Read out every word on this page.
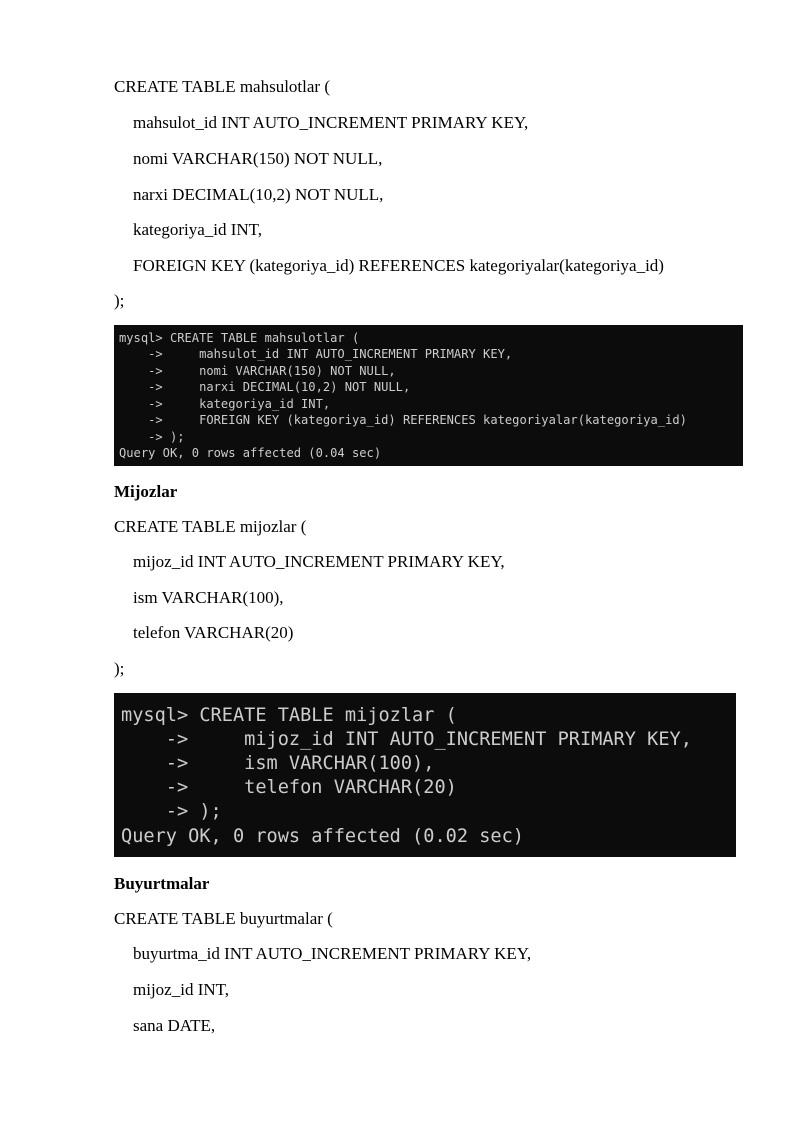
CREATE TABLE mahsulotlar (
mahsulot_id INT AUTO_INCREMENT PRIMARY KEY,
nomi VARCHAR(150) NOT NULL,
narxi DECIMAL(10,2) NOT NULL,
kategoriya_id INT,
FOREIGN KEY (kategoriya_id) REFERENCES kategoriyalar(kategoriya_id)
);
mysql> CREATE TABLE mahsulotlar (
->     mahsulot_id INT AUTO_INCREMENT PRIMARY KEY,
->     nomi VARCHAR(150) NOT NULL,
->     narxi DECIMAL(10,2) NOT NULL,
->     kategoriya_id INT,
->     FOREIGN KEY (kategoriya_id) REFERENCES kategoriyalar(kategoriya_id)
-> );
Query OK, 0 rows affected (0.04 sec)
Mijozlar
CREATE TABLE mijozlar (
mijoz_id INT AUTO_INCREMENT PRIMARY KEY,
ism VARCHAR(100),
telefon VARCHAR(20)
);
mysql> CREATE TABLE mijozlar (
->     mijoz_id INT AUTO_INCREMENT PRIMARY KEY,
->     ism VARCHAR(100),
->     telefon VARCHAR(20)
-> );
Query OK, 0 rows affected (0.02 sec)
Buyurtmalar
CREATE TABLE buyurtmalar (
buyurtma_id INT AUTO_INCREMENT PRIMARY KEY,
mijoz_id INT,
sana DATE,
